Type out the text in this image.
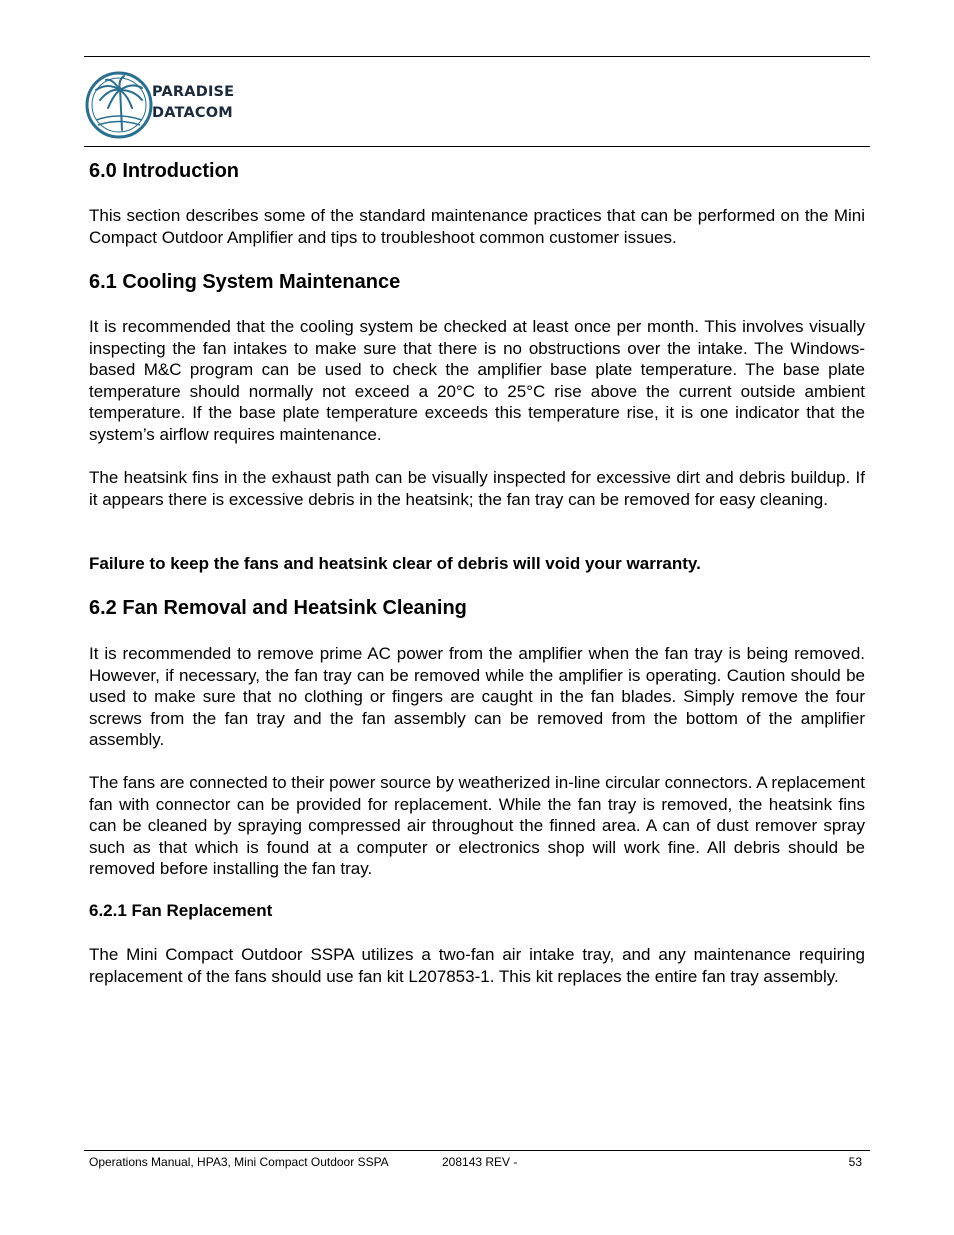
PARADISE
DATACOM
6.0 Introduction

This section describes some of the standard maintenance practices that can be performed on the Mini Compact Outdoor Amplifier and tips to troubleshoot common customer issues.

6.1 Cooling System Maintenance

It is recommended that the cooling system be checked at least once per month. This involves visually inspecting the fan intakes to make sure that there is no obstructions over the intake. The Windows-based M&C program can be used to check the amplifier base plate temperature. The base plate temperature should normally not exceed a 20°C to 25°C rise above the current outside ambient temperature. If the base plate temperature exceeds this temperature rise, it is one indicator that the system’s airflow requires maintenance.

The heatsink fins in the exhaust path can be visually inspected for excessive dirt and debris buildup. If it appears there is excessive debris in the heatsink; the fan tray can be removed for easy cleaning.

Failure to keep the fans and heatsink clear of debris will void your warranty.

6.2 Fan Removal and Heatsink Cleaning

It is recommended to remove prime AC power from the amplifier when the fan tray is being removed. However, if necessary, the fan tray can be removed while the amplifier is operating. Caution should be used to make sure that no clothing or fingers are caught in the fan blades. Simply remove the four screws from the fan tray and the fan assembly can be removed from the bottom of the amplifier assembly.

The fans are connected to their power source by weatherized in-line circular connectors. A replacement fan with connector can be provided for replacement. While the fan tray is removed, the heatsink fins can be cleaned by spraying compressed air throughout the finned area. A can of dust remover spray such as that which is found at a computer or electronics shop will work fine. All debris should be removed before installing the fan tray.

6.2.1 Fan Replacement

The Mini Compact Outdoor SSPA utilizes a two-fan air intake tray, and any maintenance requiring replacement of the fans should use fan kit L207853-1. This kit replaces the entire fan tray assembly.

Operations Manual, HPA3, Mini Compact Outdoor SSPA	208143 REV -	53
